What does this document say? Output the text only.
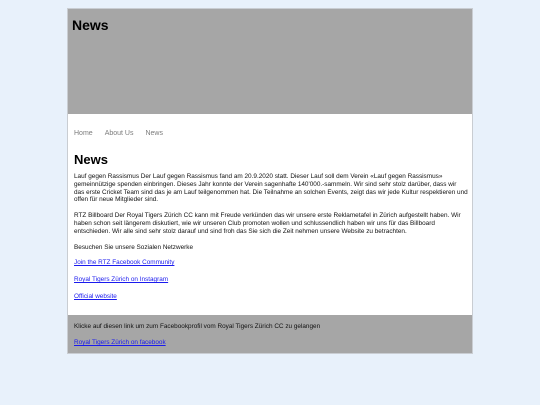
News
Home About Us News
News

Lauf gegen Rassismus Der Lauf gegen Rassismus fand am 20.9.2020 statt. Dieser Lauf soll dem Verein «Lauf gegen Rassismus» gemeinnützige spenden einbringen. Dieses Jahr konnte der Verein sagenhafte 140'000.-sammeln. Wir sind sehr stolz darüber, dass wir das erste Cricket Team sind das je am Lauf teilgenommen hat. Die Teilnahme an solchen Events, zeigt das wir jede Kultur respektieren und offen für neue Mitglieder sind.

RTZ Billboard Der Royal Tigers Zürich CC kann mit Freude verkünden das wir unsere erste Reklametafel in Zürich aufgestellt haben. Wir haben schon seit längerem diskutiert, wie wir unseren Club promoten wollen und schlussendlich haben wir uns für das Billboard entschieden. Wir alle sind sehr stolz darauf und sind froh das Sie sich die Zeit nehmen unsere Website zu betrachten.

Besuchen Sie unsere Sozialen Netzwerke

Join the RTZ Facebook Community

Royal Tigers Zürich on Instagram

Official website

Klicke auf diesen link um zum Facebookprofil vom Royal Tigers Zürich CC zu gelangen

Royal Tigers Zürich on facebook
